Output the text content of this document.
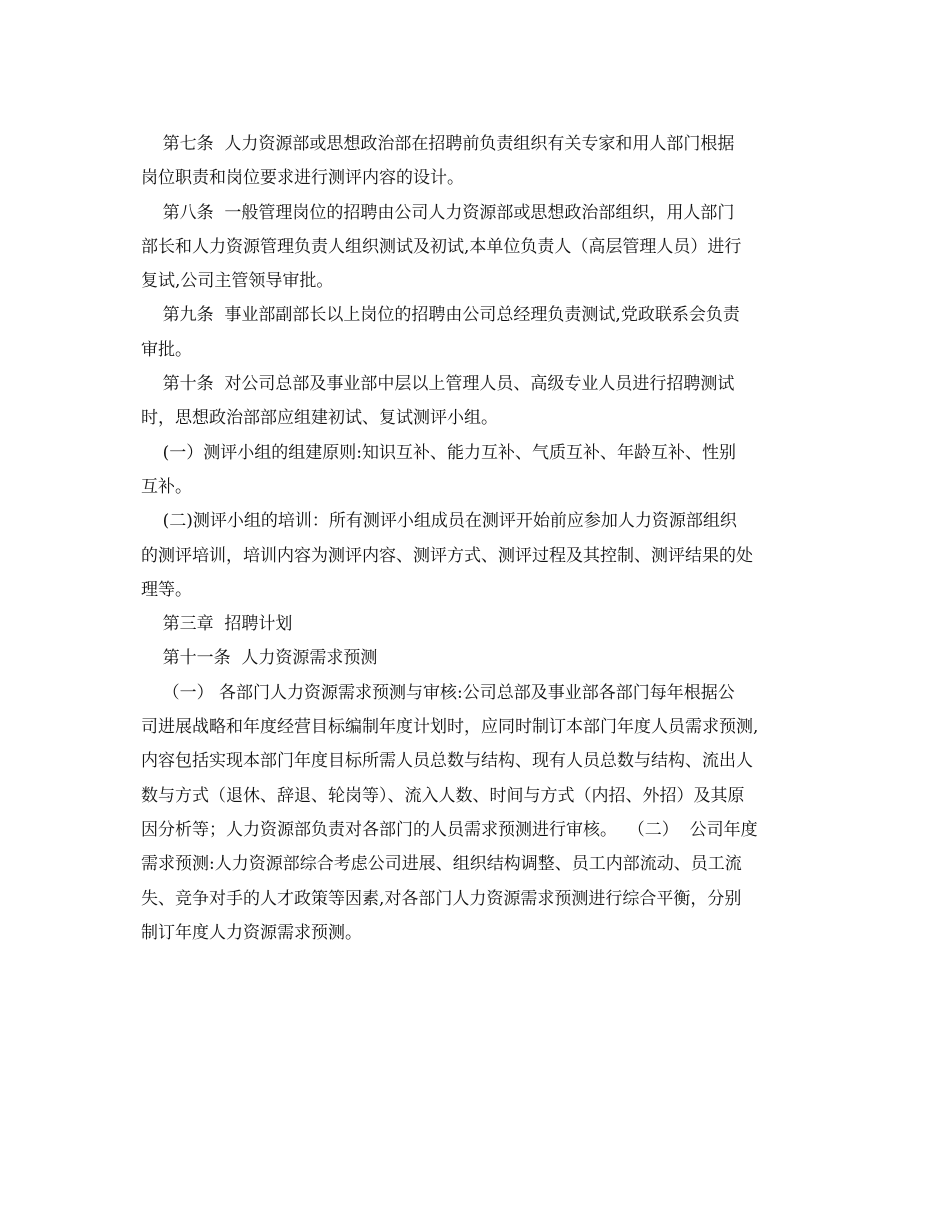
第七条  人力资源部或思想政治部在招聘前负责组织有关专家和用人部门根据
岗位职责和岗位要求进行测评内容的设计。
第八条  一般管理岗位的招聘由公司人力资源部或思想政治部组织，用人部门
部长和人力资源管理负责人组织测试及初试,本单位负责人（高层管理人员）进行
复试,公司主管领导审批。
第九条  事业部副部长以上岗位的招聘由公司总经理负责测试,党政联系会负责
审批。
第十条  对公司总部及事业部中层以上管理人员、高级专业人员进行招聘测试
时，思想政治部部应组建初试、复试测评小组。
(一）测评小组的组建原则:知识互补、能力互补、气质互补、年龄互补、性别
互补。
(二)测评小组的培训：所有测评小组成员在测评开始前应参加人力资源部组织
的测评培训，培训内容为测评内容、测评方式、测评过程及其控制、测评结果的处
理等。
第三章  招聘计划
第十一条  人力资源需求预测
（一） 各部门人力资源需求预测与审核:公司总部及事业部各部门每年根据公
司进展战略和年度经营目标编制年度计划时，应同时制订本部门年度人员需求预测,
内容包括实现本部门年度目标所需人员总数与结构、现有人员总数与结构、流出人
数与方式（退休、辞退、轮岗等）、流入人数、时间与方式（内招、外招）及其原
因分析等；人力资源部负责对各部门的人员需求预测进行审核。  （二）  公司年度
需求预测:人力资源部综合考虑公司进展、组织结构调整、员工内部流动、员工流
失、竞争对手的人才政策等因素,对各部门人力资源需求预测进行综合平衡，分别
制订年度人力资源需求预测。
